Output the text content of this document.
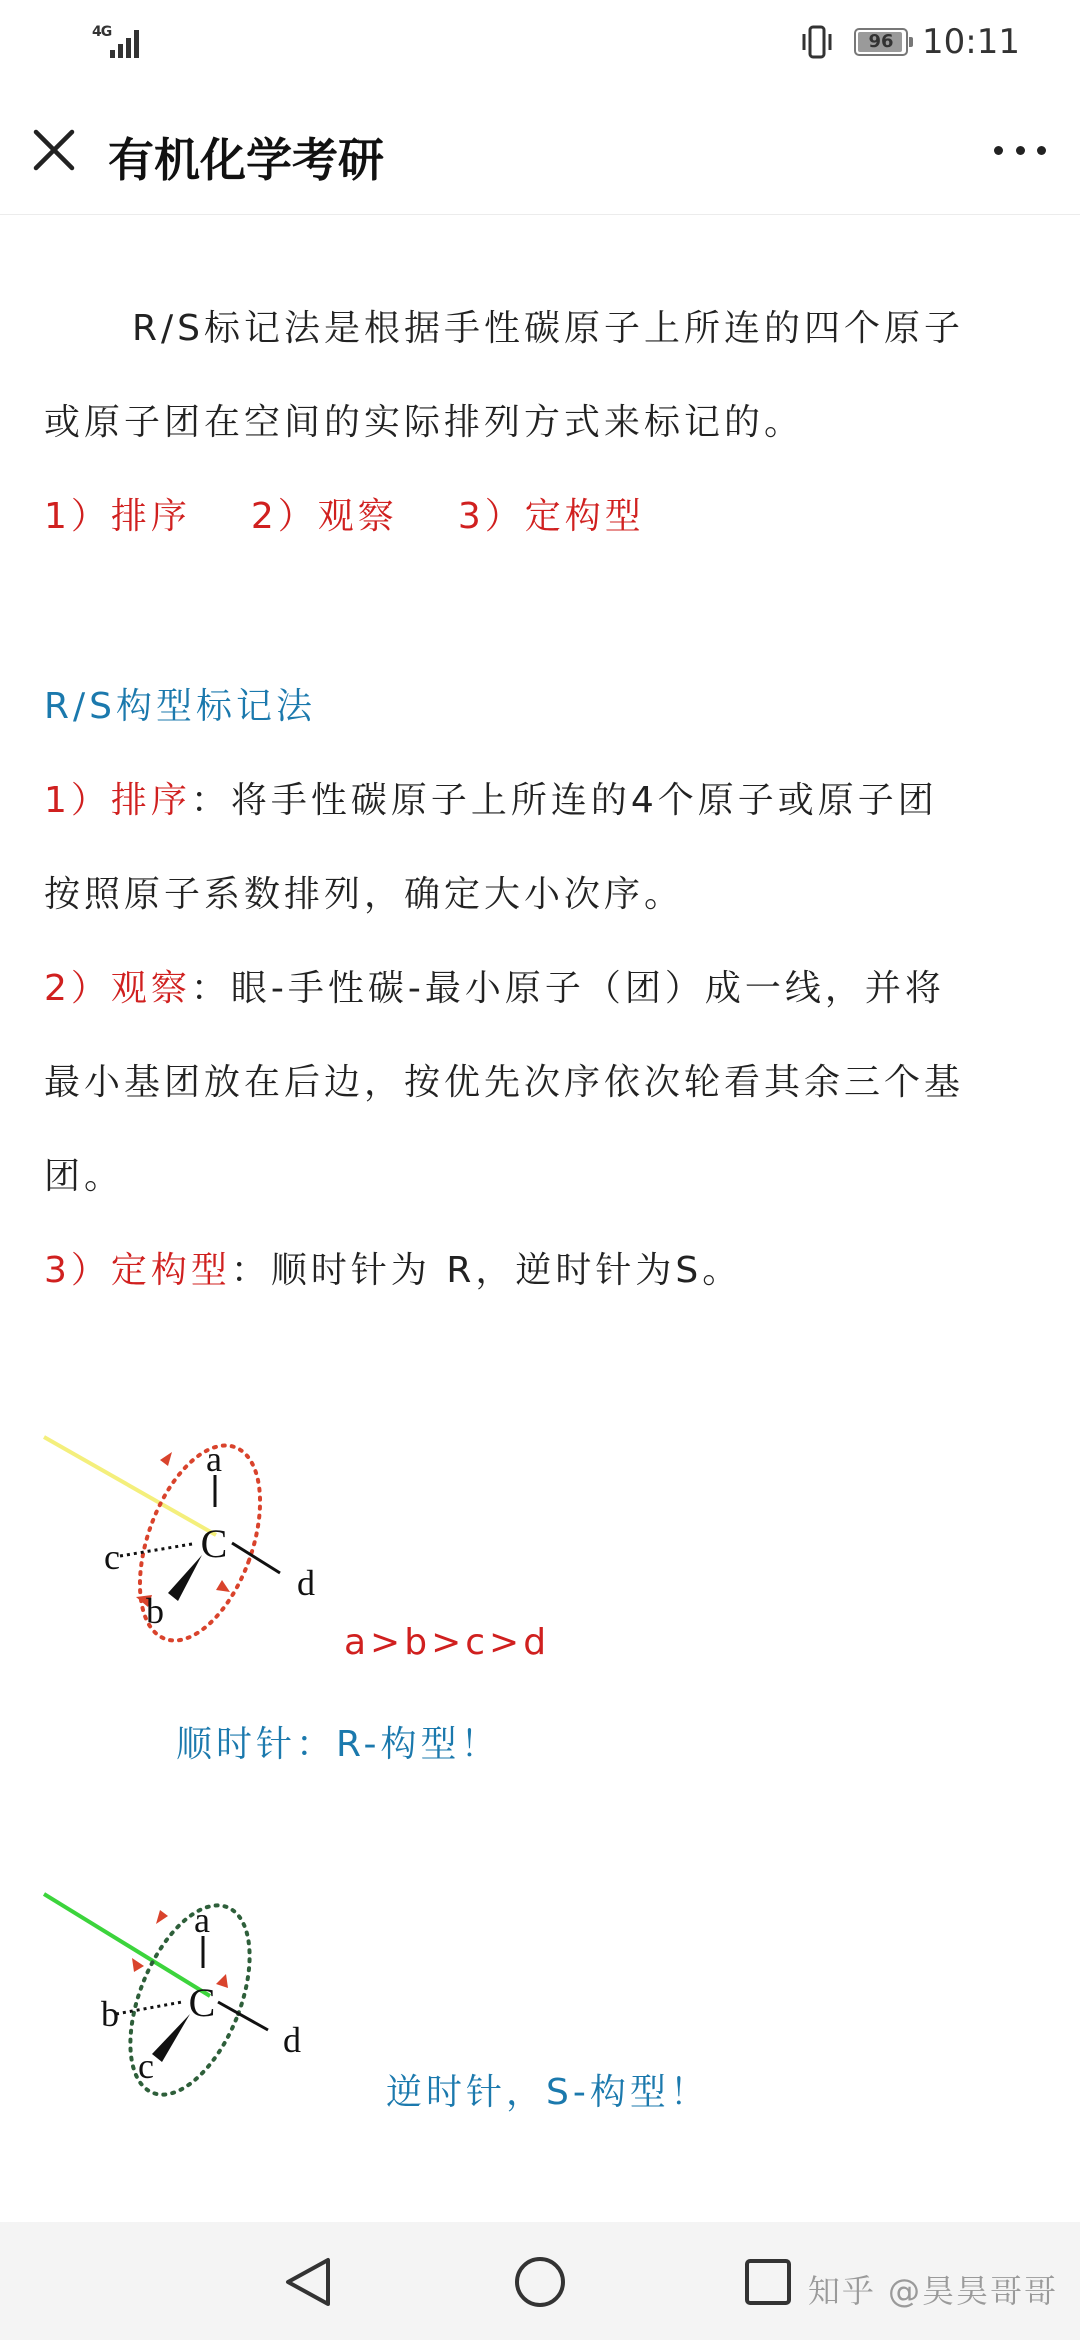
4G	96 10:11
有机化学考研
R/S标记法是根据手性碳原子上所连的四个原子
或原子团在空间的实际排列方式来标记的。
1）排序 2）观察 3）定构型
R/S构型标记法
1）排序：将手性碳原子上所连的4个原子或原子团
按照原子系数排列，确定大小次序。
2）观察：眼-手性碳-最小原子（团）成一线，并将
最小基团放在后边，按优先次序依次轮看其余三个基
团。
3）定构型：顺时针为 R，逆时针为S。
a
b
c
d
C
a>b>c>d
顺时针：R-构型！
a
b
c
d
C
逆时针，S-构型！
知乎 @昊昊哥哥
